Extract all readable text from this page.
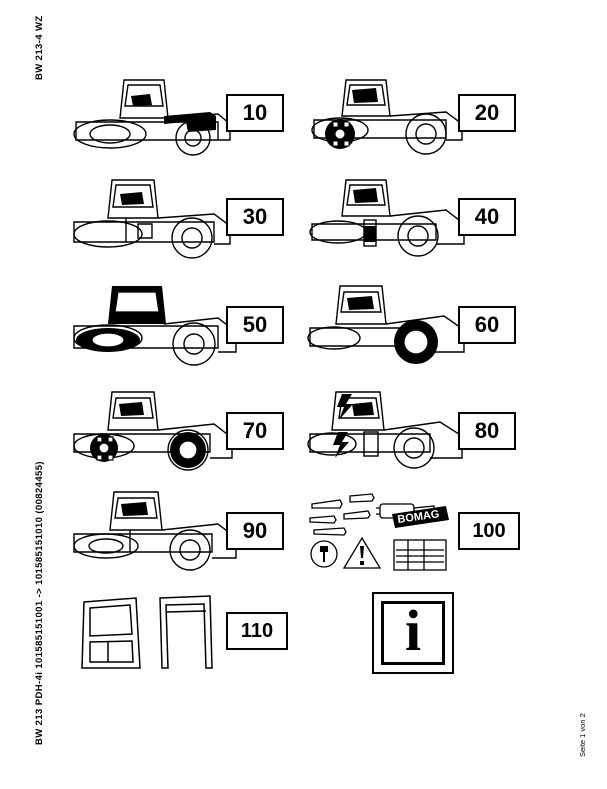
BW 213-4 WZ
BW 213 PDH-4i 101585151001 -> 101585151010 (00824455)	Seite 1 von 2
10	20
30	40
50	60
70	80
90
BOMAG
100
110 i
